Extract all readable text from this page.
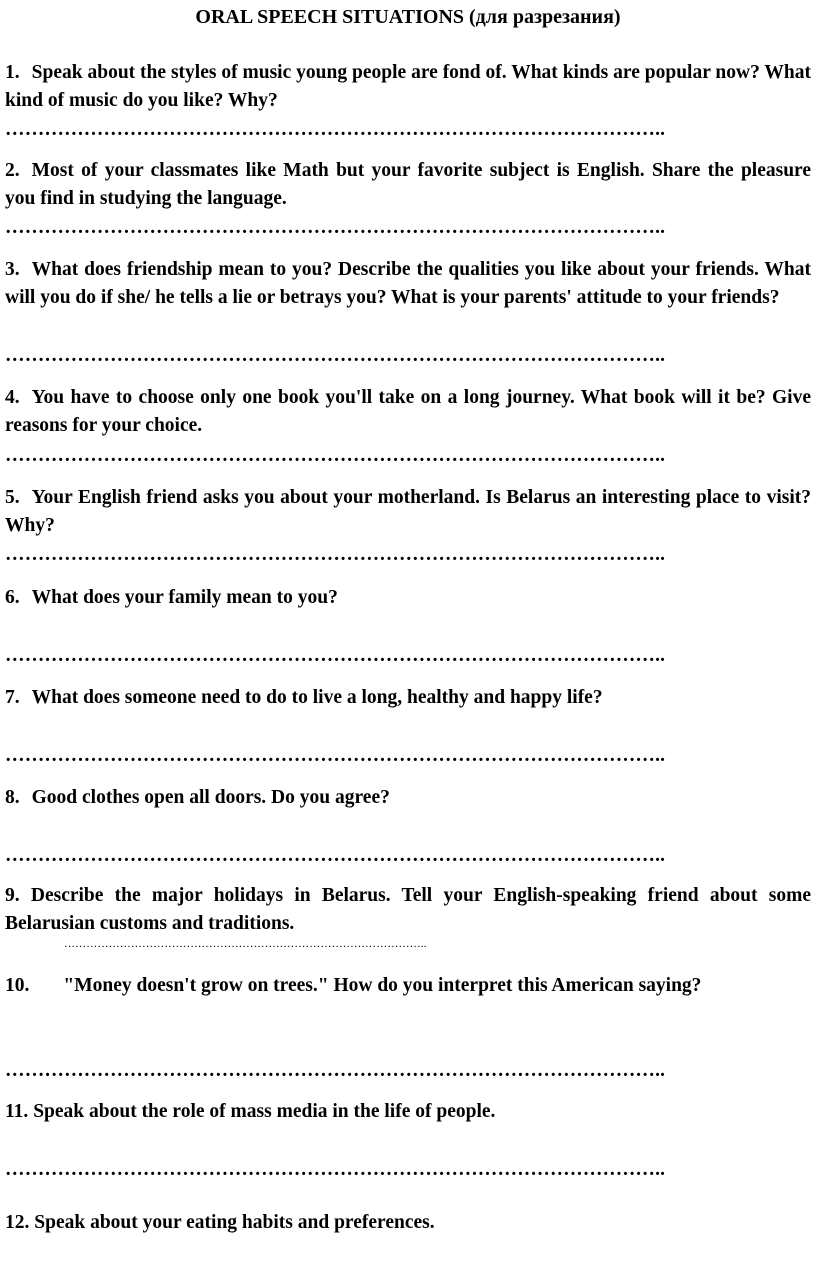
ORAL SPEECH SITUATIONS (для разрезания)
1. Speak about the styles of music young people are fond of. What kinds are popular now? What kind of music do you like? Why?
………………………………………………………………………………………..
2. Most of your classmates like Math but your favorite subject is English. Share the pleasure you find in studying the language.
………………………………………………………………………………………..
3. What does friendship mean to you? Describe the qualities you like about your friends. What will you do if she/ he tells a lie or betrays you? What is your parents' attitude to your friends?
………………………………………………………………………………………..
4. You have to choose only one book you'll take on a long journey. What book will it be? Give reasons for your choice.
………………………………………………………………………………………..
5. Your English friend asks you about your motherland. Is Belarus an interesting place to visit? Why?
………………………………………………………………………………………..
6. What does your family mean to you?
………………………………………………………………………………………..
7. What does someone need to do to live a long, healthy and happy life?
………………………………………………………………………………………..
8. Good clothes open all doors. Do you agree?
………………………………………………………………………………………..
9. Describe the major holidays in Belarus. Tell your English-speaking friend about some Belarusian customs and traditions.
……………………………………………………………………………………..
10. "Money doesn't grow on trees." How do you interpret this American saying?
………………………………………………………………………………………..
11. Speak about the role of mass media in the life of people.
………………………………………………………………………………………..
12. Speak about your eating habits and preferences.
